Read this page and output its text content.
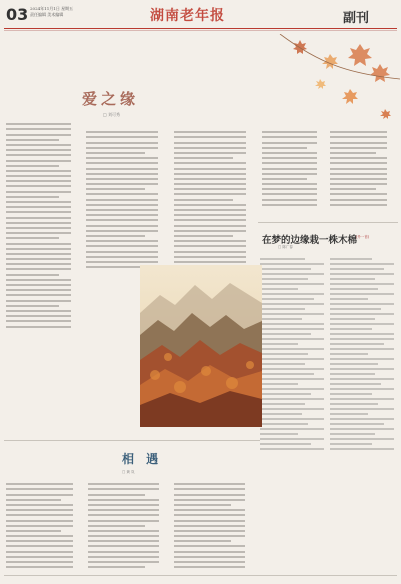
03 2024年11月1日 星期五
责任编辑 美术编辑	湖南老年报	副刊
爱之缘
□ 刘可秀
在梦的边缘栽一株木棉
(外一首)
□ 陈广春
相 遇
□ 黄 岚
